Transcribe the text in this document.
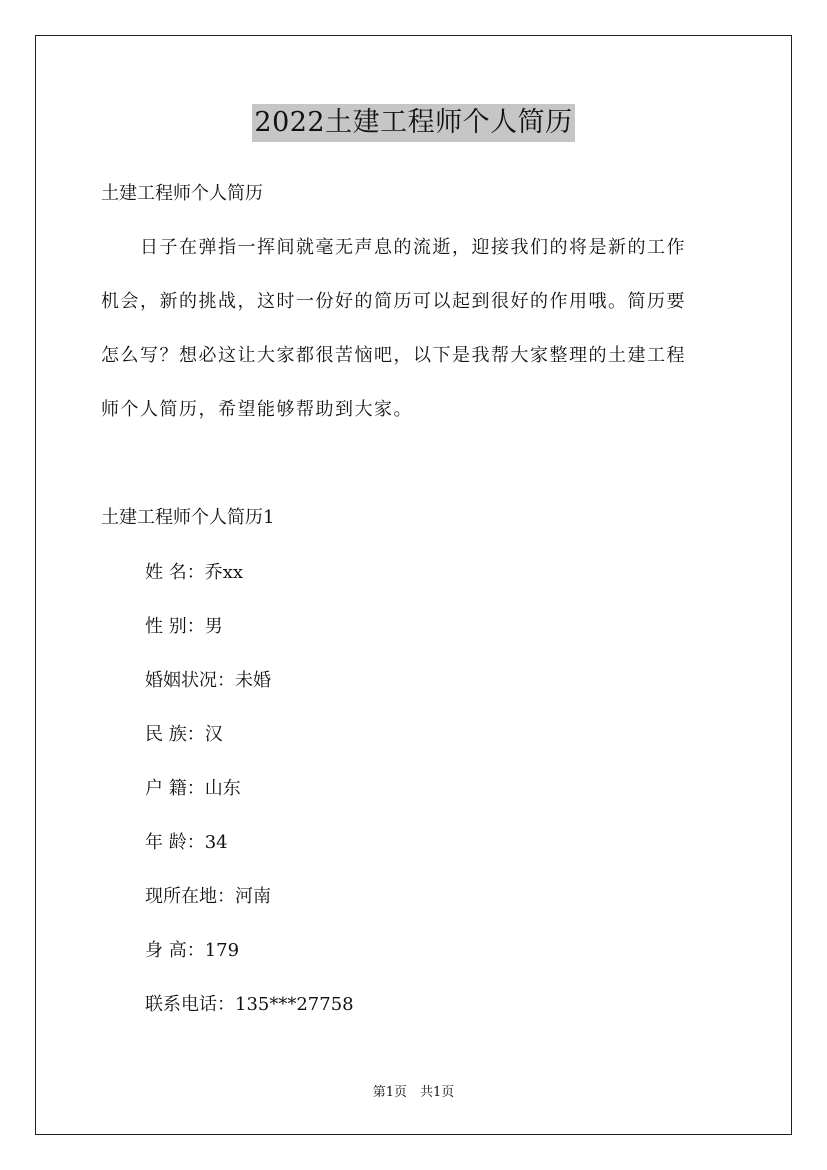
2022土建工程师个人简历
土建工程师个人简历
　　日子在弹指一挥间就毫无声息的流逝，迎接我们的将是新的工作
机会，新的挑战，这时一份好的简历可以起到很好的作用哦。简历要
怎么写？想必这让大家都很苦恼吧，以下是我帮大家整理的土建工程
师个人简历，希望能够帮助到大家。
土建工程师个人简历1
姓 名：乔xx
性 别：男
婚姻状况：未婚
民 族：汉
户 籍：山东
年 龄：34
现所在地：河南
身 高：179
联系电话：135***27758
第1页　共1页
